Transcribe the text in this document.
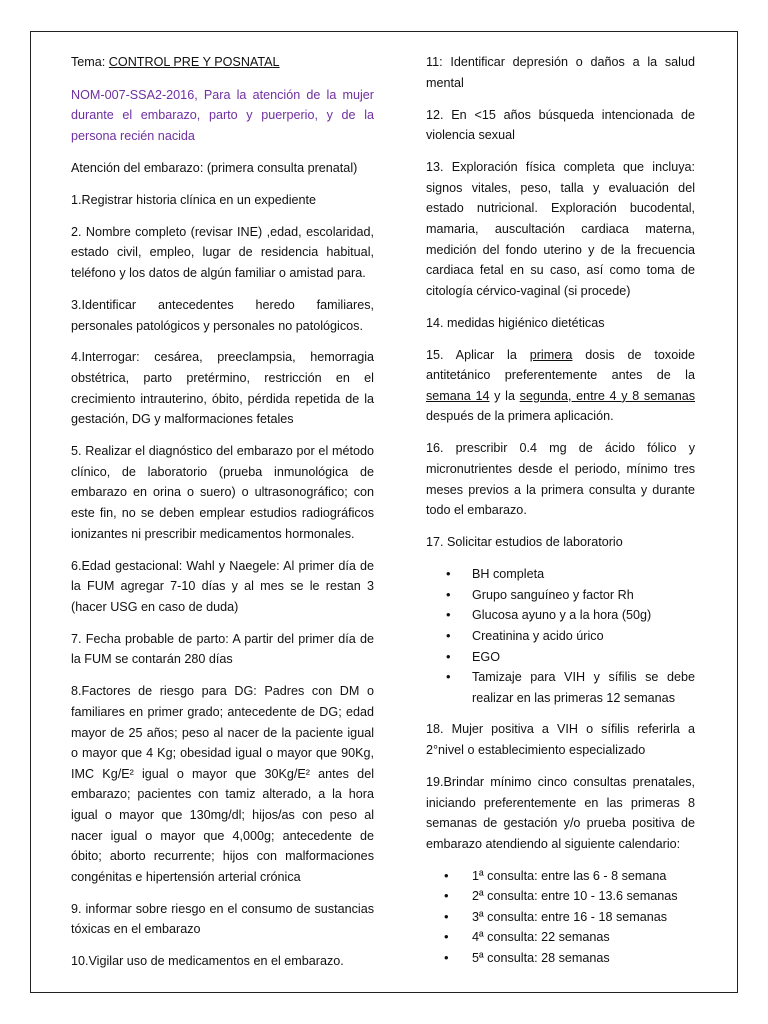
Tema: CONTROL PRE Y POSNATAL

NOM-007-SSA2-2016, Para la atención de la mujer durante el embarazo, parto y puerperio, y de la persona recién nacida

Atención del embarazo: (primera consulta prenatal)

1.Registrar historia clínica en un expediente

2. Nombre completo (revisar INE) ,edad, escolaridad, estado civil, empleo, lugar de residencia habitual, teléfono y los datos de algún familiar o amistad para.

3.Identificar antecedentes heredo familiares, personales patológicos y personales no patológicos.

4.Interrogar: cesárea, preeclampsia, hemorragia obstétrica, parto pretérmino, restricción en el crecimiento intrauterino, óbito, pérdida repetida de la gestación, DG y malformaciones fetales

5. Realizar el diagnóstico del embarazo por el método clínico, de laboratorio (prueba inmunológica de embarazo en orina o suero) o ultrasonográfico; con este fin, no se deben emplear estudios radiográficos ionizantes ni prescribir medicamentos hormonales.

6.Edad gestacional: Wahl y Naegele: Al primer día de la FUM agregar 7-10 días y al mes se le restan 3 (hacer USG en caso de duda)

7. Fecha probable de parto: A partir del primer día de la FUM se contarán 280 días

8.Factores de riesgo para DG: Padres con DM o familiares en primer grado; antecedente de DG; edad mayor de 25 años; peso al nacer de la paciente igual o mayor que 4 Kg; obesidad igual o mayor que 90Kg, IMC Kg/E² igual o mayor que 30Kg/E² antes del embarazo; pacientes con tamiz alterado, a la hora igual o mayor que 130mg/dl; hijos/as con peso al nacer igual o mayor que 4,000g; antecedente de óbito; aborto recurrente; hijos con malformaciones congénitas e hipertensión arterial crónica

9. informar sobre riesgo en el consumo de sustancias tóxicas en el embarazo

10.Vigilar uso de medicamentos en el embarazo.

11: Identificar depresión o daños a la salud mental

12. En <15 años búsqueda intencionada de violencia sexual

13. Exploración física completa que incluya: signos vitales, peso, talla y evaluación del estado nutricional. Exploración bucodental, mamaria, auscultación cardiaca materna, medición del fondo uterino y de la frecuencia cardiaca fetal en su caso, así como toma de citología cérvico-vaginal (si procede)

14. medidas higiénico dietéticas

15. Aplicar la primera dosis de toxoide antitetánico preferentemente antes de la semana 14 y la segunda, entre 4 y 8 semanas después de la primera aplicación.

16. prescribir 0.4 mg de ácido fólico y micronutrientes desde el periodo, mínimo tres meses previos a la primera consulta y durante todo el embarazo.

17. Solicitar estudios de laboratorio

• BH completa
• Grupo sanguíneo y factor Rh
• Glucosa ayuno y a la hora (50g)
• Creatinina y acido úrico
• EGO
• Tamizaje para VIH y sífilis se debe realizar en las primeras 12 semanas

18. Mujer positiva a VIH o sífilis referirla a 2°nivel o establecimiento especializado

19.Brindar mínimo cinco consultas prenatales, iniciando preferentemente en las primeras 8 semanas de gestación y/o prueba positiva de embarazo atendiendo al siguiente calendario:

• 1ª consulta: entre las 6 - 8 semana
• 2ª consulta: entre 10 - 13.6 semanas
• 3ª consulta: entre 16 - 18 semanas
• 4ª consulta: 22 semanas
• 5ª consulta: 28 semanas
